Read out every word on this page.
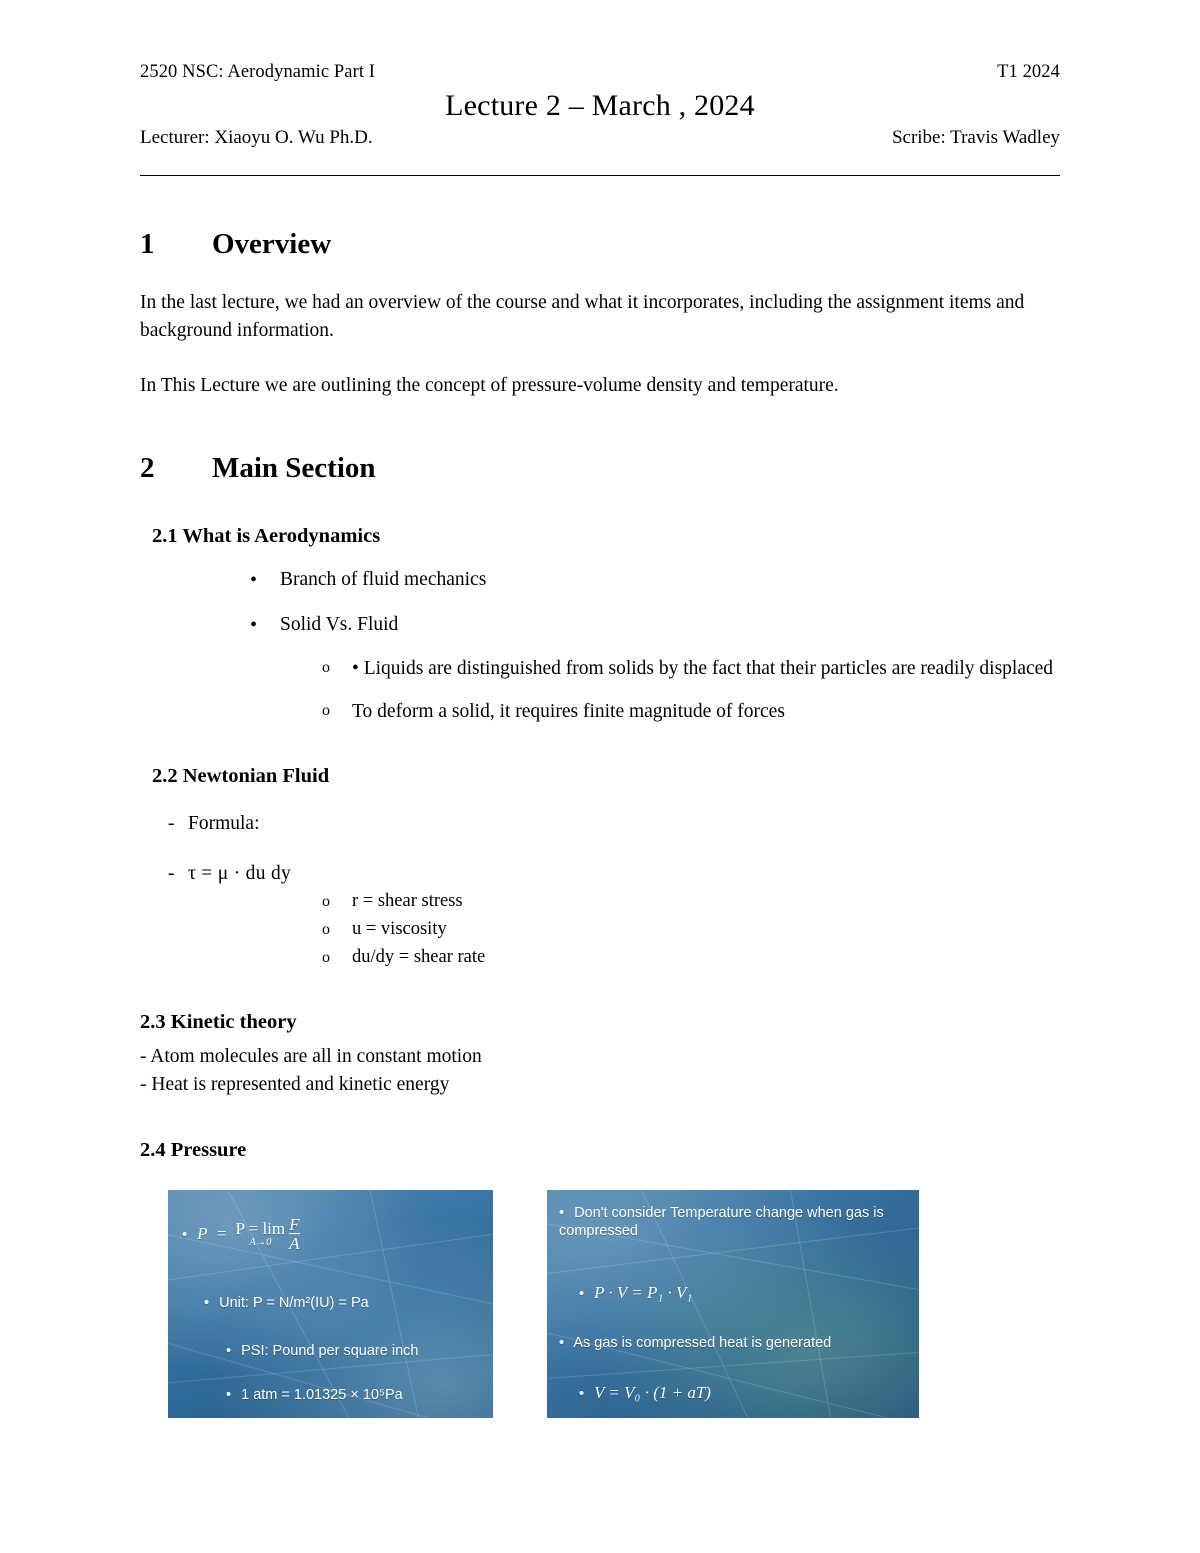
2520 NSC: Aerodynamic Part I	T1 2024
Lecture 2 – March , 2024
Lecturer: Xiaoyu O. Wu Ph.D.	Scribe: Travis Wadley
1	Overview
In the last lecture, we had an overview of the course and what it incorporates, including the assignment items and background information.
In This Lecture we are outlining the concept of pressure-volume density and temperature.
2	Main Section
2.1 What is Aerodynamics
• Branch of fluid mechanics
• Solid Vs. Fluid
o • Liquids are distinguished from solids by the fact that their particles are readily displaced
o To deform a solid, it requires finite magnitude of forces
2.2 Newtonian Fluid
- Formula:
- τ = μ · du dy
o r = shear stress
o u = viscosity
o du/dy = shear rate
2.3 Kinetic theory
- Atom molecules are all in constant motion
- Heat is represented and kinetic energy
2.4 Pressure
• P  = P = lim
A→0
	$\frac{F}{A}$
• Unit: P = N/m²(IU) = Pa
• PSI: Pound per square inch
• 1 atm = 1.01325 × 10⁵Pa
• Don't consider Temperature change when gas is compressed
• P · V = P₁ · V₁
• As gas is compressed heat is generated
• V = V₀ · (1 + aT)
